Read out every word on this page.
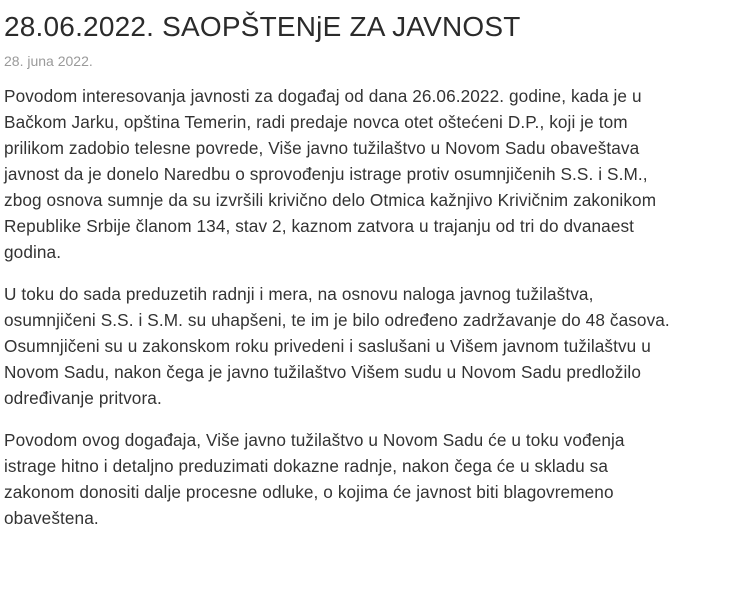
28.06.2022. SAOPŠTENjE ZA JAVNOST
28. juna 2022.

Povodom interesovanja javnosti za događaj od dana 26.06.2022. godine, kada je u
Bačkom Jarku, opština Temerin, radi predaje novca otet oštećeni D.P., koji je tom
prilikom zadobio telesne povrede, Više javno tužilaštvo u Novom Sadu obaveštava
javnost da je donelo Naredbu o sprovođenju istrage protiv osumnjičenih S.S. i S.M.,
zbog osnova sumnje da su izvršili krivično delo Otmica kažnjivo Krivičnim zakonikom
Republike Srbije članom 134, stav 2, kaznom zatvora u trajanju od tri do dvanaest
godina.

U toku do sada preduzetih radnji i mera, na osnovu naloga javnog tužilaštva,
osumnjičeni S.S. i S.M. su uhapšeni, te im je bilo određeno zadržavanje do 48 časova.
Osumnjičeni su u zakonskom roku privedeni i saslušani u Višem javnom tužilaštvu u
Novom Sadu, nakon čega je javno tužilaštvo Višem sudu u Novom Sadu predložilo
određivanje pritvora.

Povodom ovog događaja, Više javno tužilaštvo u Novom Sadu će u toku vođenja
istrage hitno i detaljno preduzimati dokazne radnje, nakon čega će u skladu sa
zakonom donositi dalje procesne odluke, o kojima će javnost biti blagovremeno
obaveštena.
